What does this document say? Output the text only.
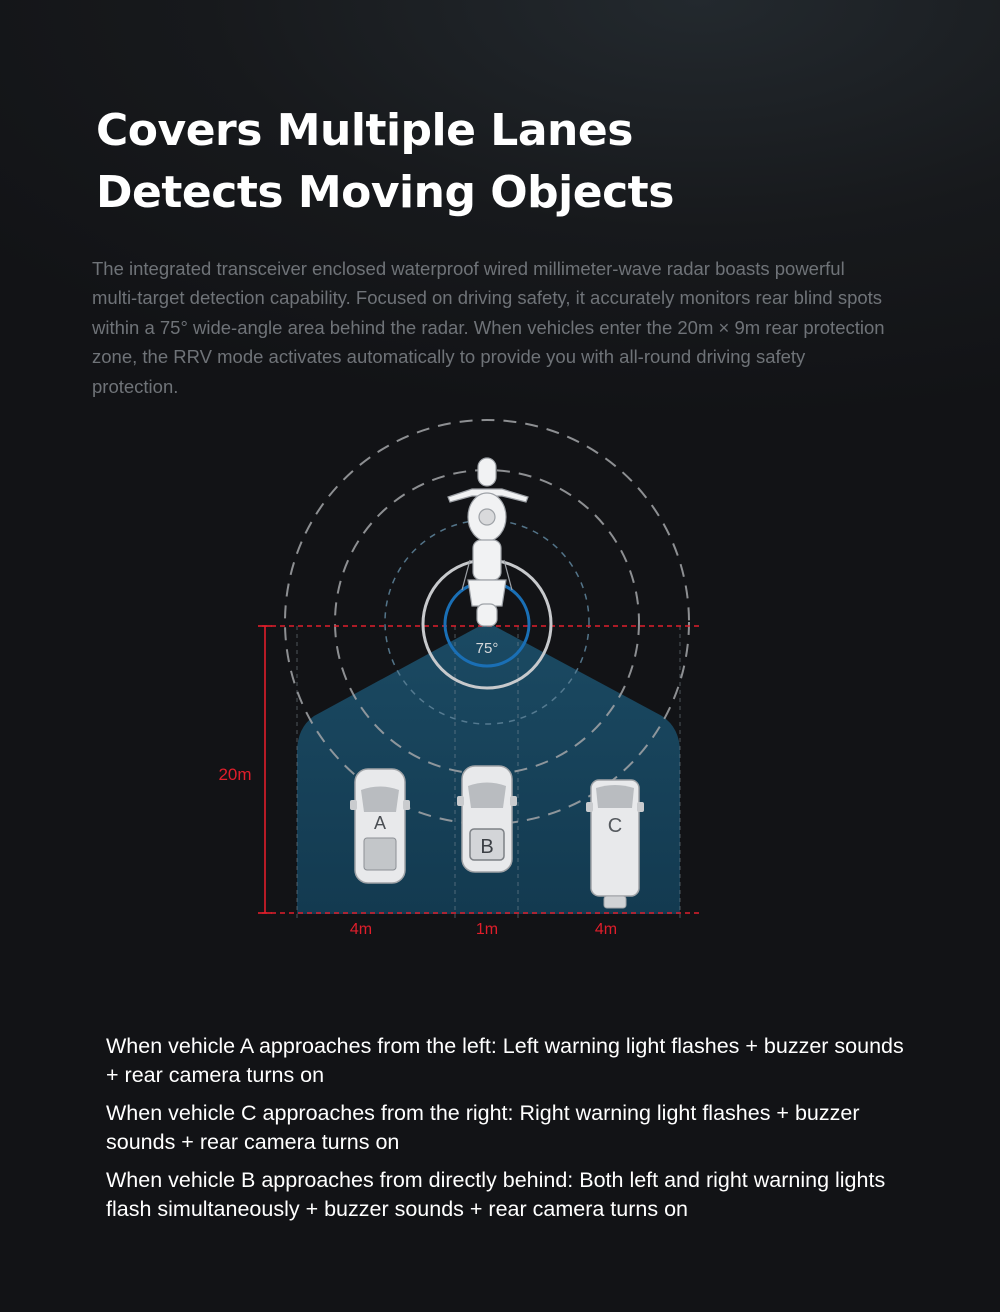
Covers Multiple Lanes
Detects Moving Objects

The integrated transceiver enclosed waterproof wired millimeter-wave radar boasts powerful multi-target detection capability. Focused on driving safety, it accurately monitors rear blind spots within a 75° wide-angle area behind the radar. When vehicles enter the 20m × 9m rear protection zone, the RRV mode activates automatically to provide you with all-round driving safety protection.

75°
A
B
C
20m
4m	1m	4m
When vehicle A approaches from the left: Left warning light flashes + buzzer sounds + rear camera turns on
When vehicle C approaches from the right: Right warning light flashes + buzzer sounds + rear camera turns on
When vehicle B approaches from directly behind: Both left and right warning lights flash simultaneously + buzzer sounds + rear camera turns on
